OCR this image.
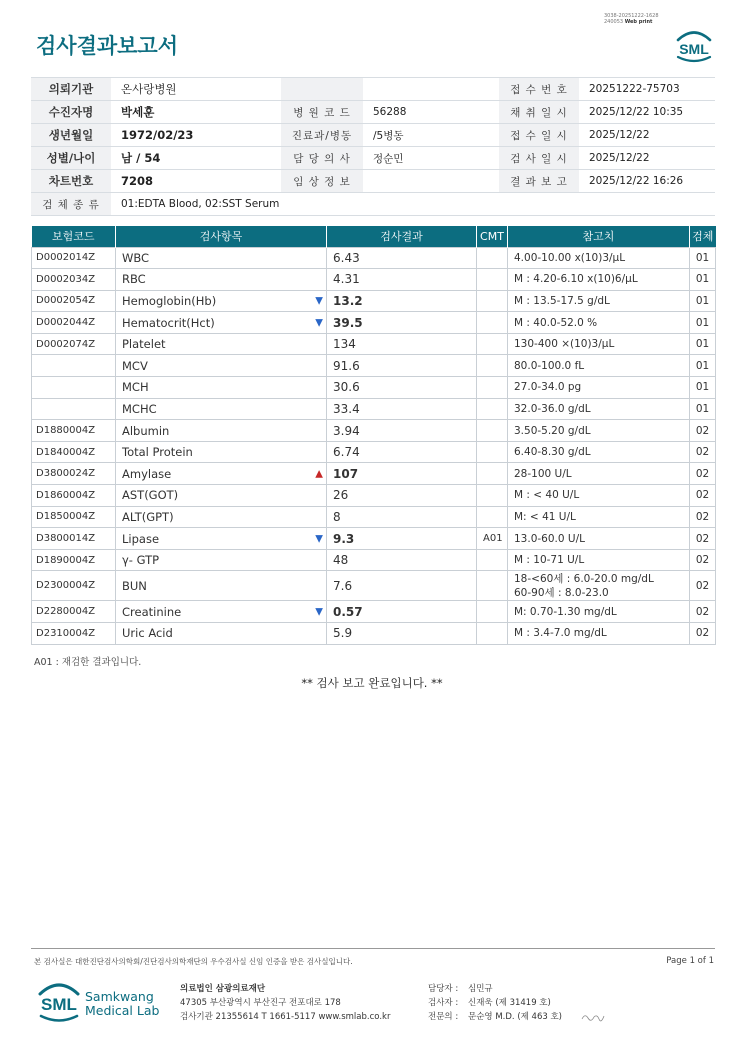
검사결과보고서
3038-20251222-1628
240053 Web print
SML
의뢰기관	온사랑병원			접 수 번 호	20251222-75703
수진자명	박세훈	병 원 코 드	56288	채 취 일 시	2025/12/22 10:35
생년월일	1972/02/23	진료과/병동	/5병동	접 수 일 시	2025/12/22
성별/나이	남 / 54	담 당 의 사	정순민	검 사 일 시	2025/12/22
차트번호	7208	임 상 정 보		결 과 보 고	2025/12/22 16:26
검 체 종 류	01:EDTA Blood, 02:SST Serum				
보험코드	검사항목	검사결과	CMT	참고치	검체
D0002014Z	WBC	6.43		4.00-10.00 x(10)3/μL	01
D0002034Z	RBC	4.31		M : 4.20-6.10 x(10)6/μL	01
D0002054Z	Hemoglobin(Hb) ▼	13.2		M : 13.5-17.5 g/dL	01
D0002044Z	Hematocrit(Hct) ▼	39.5		M : 40.0-52.0 %	01
D0002074Z	Platelet	134		130-400 ×(10)3/μL	01
	MCV	91.6		80.0-100.0 fL	01
	MCH	30.6		27.0-34.0 pg	01
	MCHC	33.4		32.0-36.0 g/dL	01
D1880004Z	Albumin	3.94		3.50-5.20 g/dL	02
D1840004Z	Total Protein	6.74		6.40-8.30 g/dL	02
D3800024Z	Amylase ▲	107		28-100 U/L	02
D1860004Z	AST(GOT)	26		M : < 40 U/L	02
D1850004Z	ALT(GPT)	8		M: < 41 U/L	02
D3800014Z	Lipase ▼	9.3	A01	13.0-60.0 U/L	02
D1890004Z	γ- GTP	48		M : 10-71 U/L	02
D2300004Z	BUN	7.6		18-<60세 : 6.0-20.0 mg/dL
60-90세 : 8.0-23.0	02
D2280004Z	Creatinine ▼	0.57		M: 0.70-1.30 mg/dL	02
D2310004Z	Uric Acid	5.9		M : 3.4-7.0 mg/dL	02
A01 : 재검한 결과입니다.
** 검사 보고 완료입니다. **
본 검사실은 대한진단검사의학회/진단검사의학재단의 우수검사실 신임 인증을 받은 검사실입니다.	Page 1 of 1
SML Samkwang
Medical Lab
의료법인 삼광의료재단
47305 부산광역시 부산진구 전포대로 178
검사기관 21355614 T 1661-5117 www.smlab.co.kr
담당자 :	심민규
검사자 :	신재욱 (제 31419 호)
전문의 :	문순영 M.D. (제 463 호)
